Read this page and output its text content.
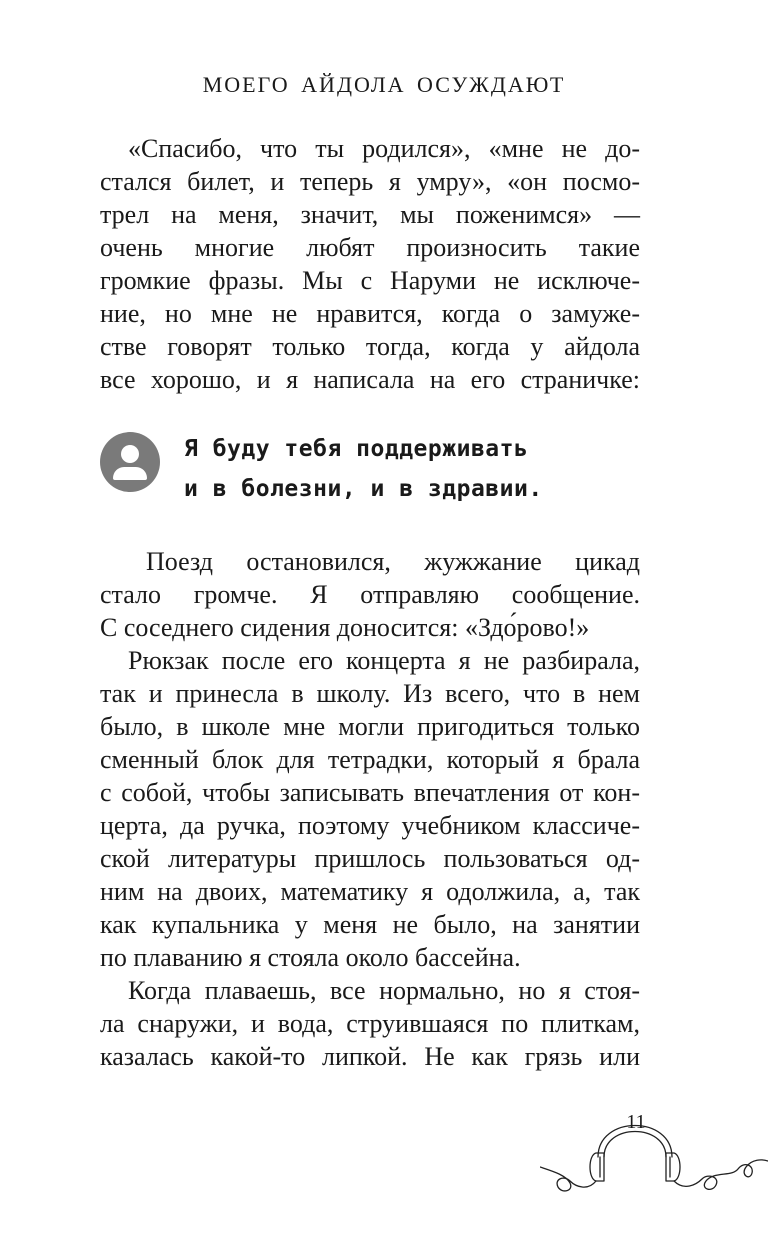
МОЕГО АЙДОЛА ОСУЖДАЮТ
«Спасибо, что ты родился», «мне не до-
стался билет, и теперь я умру», «он посмо-
трел на меня, значит, мы поженимся» —
очень многие любят произносить такие
громкие фразы. Мы с Наруми не исключе-
ние, но мне не нравится, когда о замуже-
стве говорят только тогда, когда у айдола
все хорошо, и я написала на его страничке:
Я буду тебя поддерживать
и в болезни, и в здравии.
Поезд остановился, жужжание цикад
стало громче. Я отправляю сообщение.
С соседнего сидения доносится: «Здо́рово!»
Рюкзак после его концерта я не разбирала,
так и принесла в школу. Из всего, что в нем
было, в школе мне могли пригодиться только
сменный блок для тетрадки, который я брала
с собой, чтобы записывать впечатления от кон-
церта, да ручка, поэтому учебником классиче-
ской литературы пришлось пользоваться од-
ним на двоих, математику я одолжила, а, так
как купальника у меня не было, на занятии
по плаванию я стояла около бассейна.
Когда плаваешь, все нормально, но я стоя-
ла снаружи, и вода, струившаяся по плиткам,
казалась какой-то липкой. Не как грязь или
11
